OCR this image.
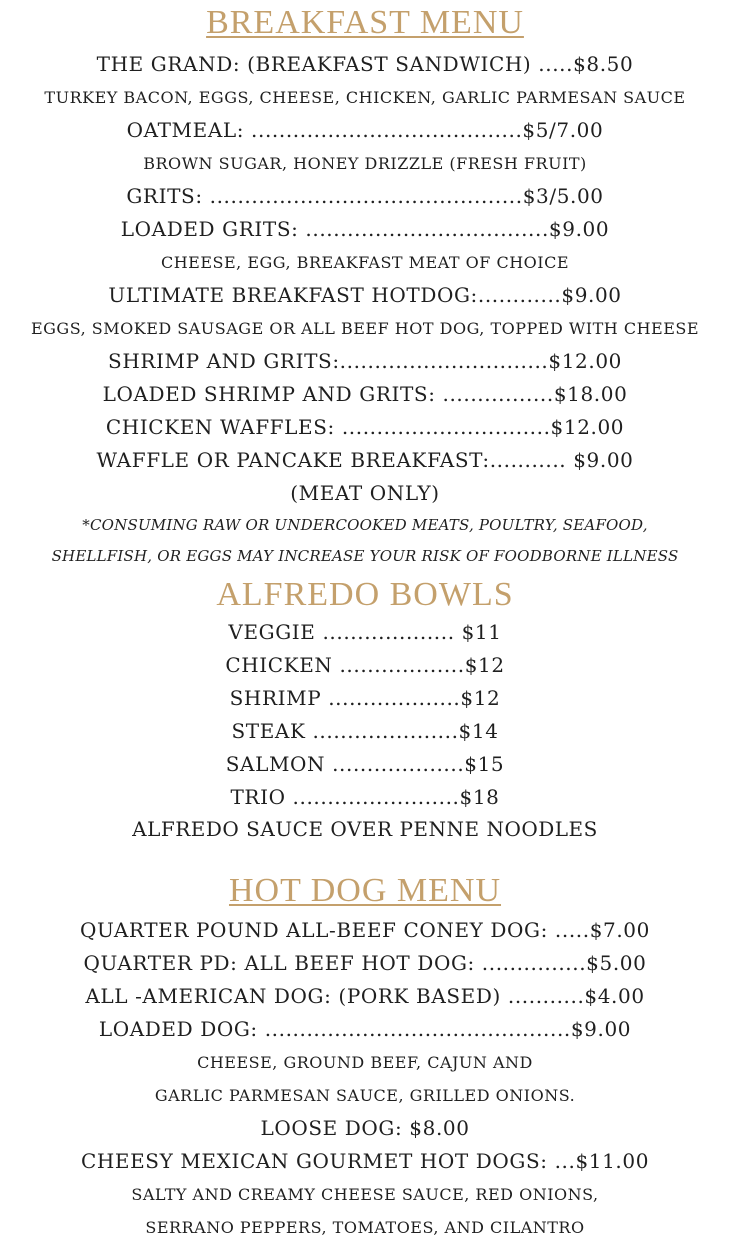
BREAKFAST MENU
THE GRAND: (BREAKFAST SANDWICH) .....$8.50
TURKEY BACON, EGGS, CHEESE, CHICKEN, GARLIC PARMESAN SAUCE
OATMEAL: .......................................$5/7.00
BROWN SUGAR, HONEY DRIZZLE (FRESH FRUIT)
GRITS: .............................................$3/5.00
LOADED GRITS: ...................................$9.00
CHEESE, EGG, BREAKFAST MEAT OF CHOICE
ULTIMATE BREAKFAST HOTDOG:............$9.00
EGGS, SMOKED SAUSAGE OR ALL BEEF HOT DOG, TOPPED WITH CHEESE
SHRIMP AND GRITS:..............................$12.00
LOADED SHRIMP AND GRITS: ................$18.00
CHICKEN WAFFLES: ..............................$12.00
WAFFLE OR PANCAKE BREAKFAST:........... $9.00
(MEAT ONLY)
*CONSUMING RAW OR UNDERCOOKED MEATS, POULTRY, SEAFOOD,
SHELLFISH, OR EGGS MAY INCREASE YOUR RISK OF FOODBORNE ILLNESS
ALFREDO BOWLS
VEGGIE ................... $11
CHICKEN ..................$12
SHRIMP ...................$12
STEAK .....................$14
SALMON ...................$15
TRIO ........................$18
ALFREDO SAUCE OVER PENNE NOODLES
HOT DOG MENU
QUARTER POUND ALL-BEEF CONEY DOG: .....$7.00
QUARTER PD: ALL BEEF HOT DOG: ...............$5.00
ALL -AMERICAN DOG: (PORK BASED) ...........$4.00
LOADED DOG: ............................................$9.00
CHEESE, GROUND BEEF, CAJUN AND
GARLIC PARMESAN SAUCE, GRILLED ONIONS.
LOOSE DOG: $8.00
CHEESY MEXICAN GOURMET HOT DOGS: ...$11.00
SALTY AND CREAMY CHEESE SAUCE, RED ONIONS,
SERRANO PEPPERS, TOMATOES, AND CILANTRO
